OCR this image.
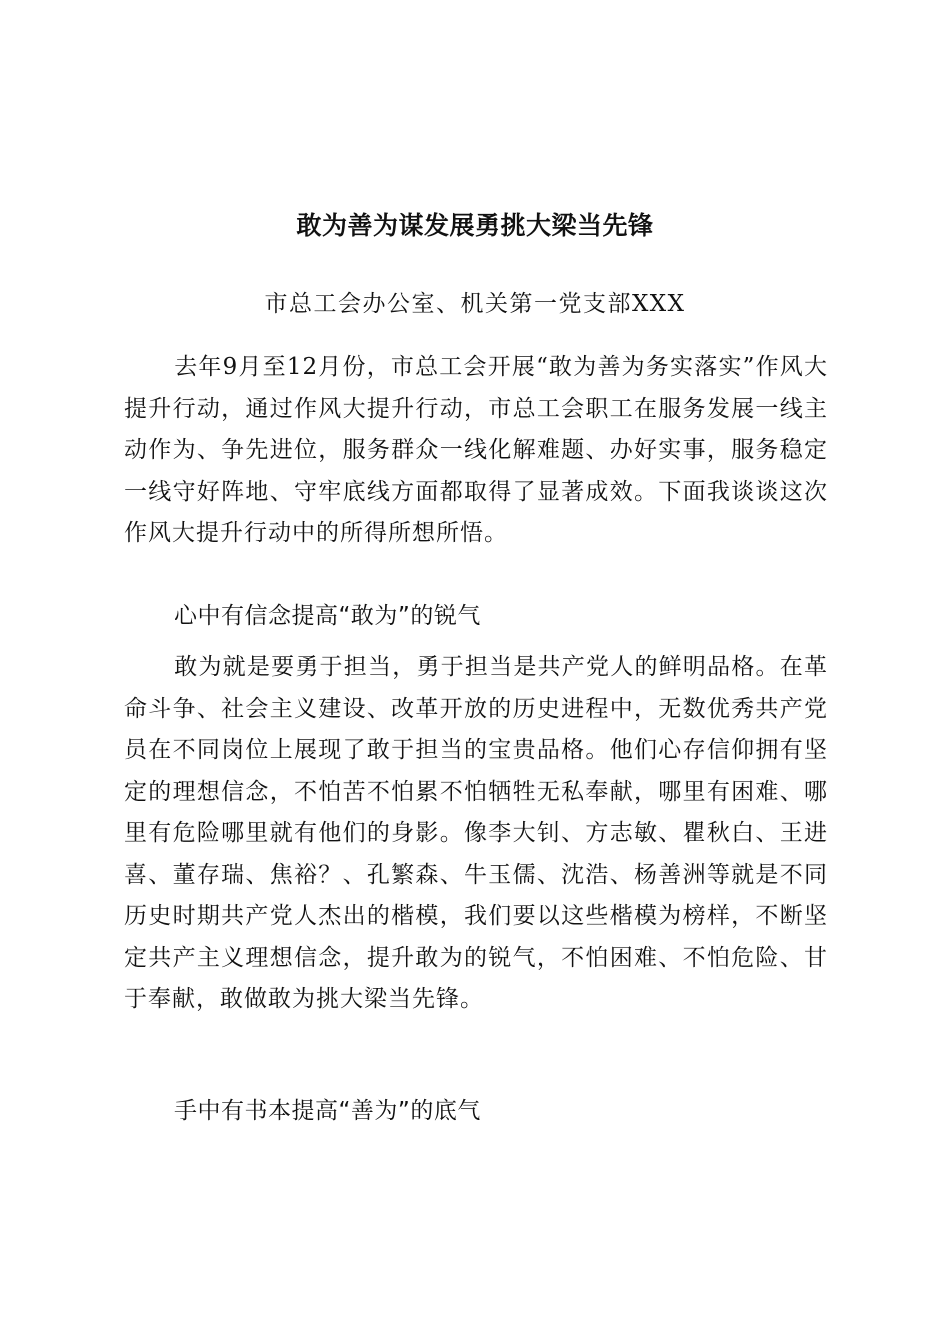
敢为善为谋发展勇挑大梁当先锋
市总工会办公室、机关第一党支部XXX
去年9月至12月份，市总工会开展“敢为善为务实落实”作风大提升行动，通过作风大提升行动，市总工会职工在服务发展一线主动作为、争先进位，服务群众一线化解难题、办好实事，服务稳定一线守好阵地、守牢底线方面都取得了显著成效。下面我谈谈这次作风大提升行动中的所得所想所悟。
心中有信念提高“敢为”的锐气
敢为就是要勇于担当，勇于担当是共产党人的鲜明品格。在革命斗争、社会主义建设、改革开放的历史进程中，无数优秀共产党员在不同岗位上展现了敢于担当的宝贵品格。他们心存信仰拥有坚定的理想信念，不怕苦不怕累不怕牺牲无私奉献，哪里有困难、哪里有危险哪里就有他们的身影。像李大钊、方志敏、瞿秋白、王进喜、董存瑞、焦裕？、孔繁森、牛玉儒、沈浩、杨善洲等就是不同历史时期共产党人杰出的楷模，我们要以这些楷模为榜样，不断坚定共产主义理想信念，提升敢为的锐气，不怕困难、不怕危险、甘于奉献，敢做敢为挑大梁当先锋。
手中有书本提高“善为”的底气
